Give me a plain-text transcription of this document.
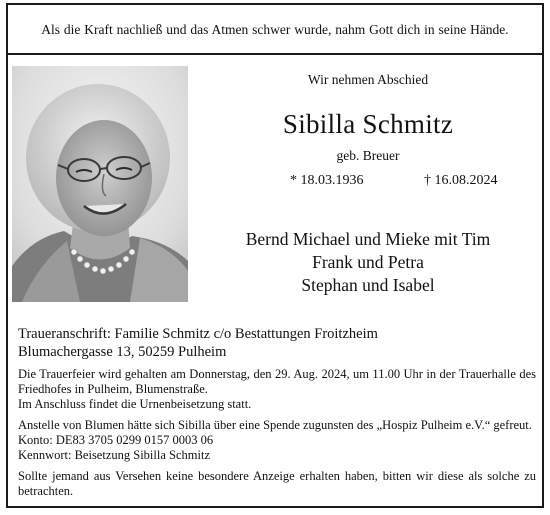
Als die Kraft nachließ und das Atmen schwer wurde, nahm Gott dich in seine Hände.
Wir nehmen Abschied
Sibilla Schmitz
geb. Breuer
* 18.03.1936	† 16.08.2024
Bernd Michael und Mieke mit Tim
Frank und Petra
Stephan und Isabel
Traueranschrift: Familie Schmitz c/o Bestattungen Froitzheim
Blumachergasse 13, 50259 Pulheim

Die Trauerfeier wird gehalten am Donnerstag, den 29. Aug. 2024, um 11.00 Uhr in der Trauerhalle des Friedhofes in Pulheim, Blumenstraße.

Im Anschluss findet die Urnenbeisetzung statt.

Anstelle von Blumen hätte sich Sibilla über eine Spende zugunsten des „Hospiz Pulheim e.V.“ gefreut.

Konto: DE83 3705 0299 0157 0003 06

Kennwort: Beisetzung Sibilla Schmitz

Sollte jemand aus Versehen keine besondere Anzeige erhalten haben, bitten wir diese als solche zu betrachten.
